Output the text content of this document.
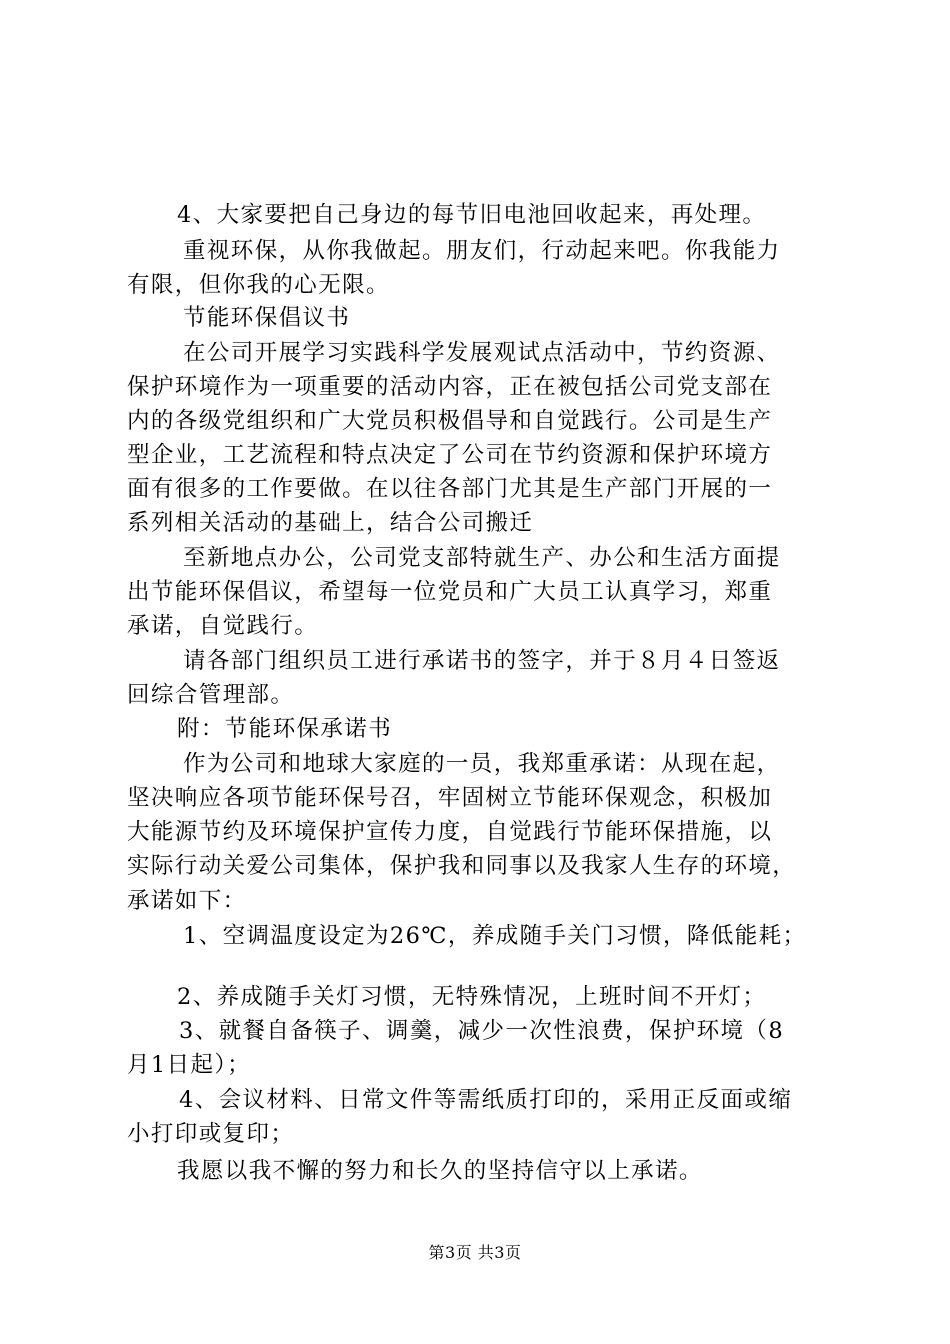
4、大家要把自己身边的每节旧电池回收起来，再处理。
重视环保，从你我做起。朋友们，行动起来吧。你我能力
有限，但你我的心无限。
节能环保倡议书
在公司开展学习实践科学发展观试点活动中，节约资源、
保护环境作为一项重要的活动内容，正在被包括公司党支部在
内的各级党组织和广大党员积极倡导和自觉践行。公司是生产
型企业，工艺流程和特点决定了公司在节约资源和保护环境方
面有很多的工作要做。在以往各部门尤其是生产部门开展的一
系列相关活动的基础上，结合公司搬迁
至新地点办公，公司党支部特就生产、办公和生活方面提
出节能环保倡议，希望每一位党员和广大员工认真学习，郑重
承诺，自觉践行。
请各部门组织员工进行承诺书的签字，并于８月４日签返
回综合管理部。
附：节能环保承诺书
作为公司和地球大家庭的一员，我郑重承诺：从现在起，
坚决响应各项节能环保号召，牢固树立节能环保观念，积极加
大能源节约及环境保护宣传力度，自觉践行节能环保措施，以
实际行动关爱公司集体，保护我和同事以及我家人生存的环境，
承诺如下：
1、空调温度设定为26℃，养成随手关门习惯，降低能耗；
2、养成随手关灯习惯，无特殊情况，上班时间不开灯；
3、就餐自备筷子、调羹，减少一次性浪费，保护环境（8
月1日起）；
4、会议材料、日常文件等需纸质打印的，采用正反面或缩
小打印或复印；
我愿以我不懈的努力和长久的坚持信守以上承诺。
第3页 共3页
